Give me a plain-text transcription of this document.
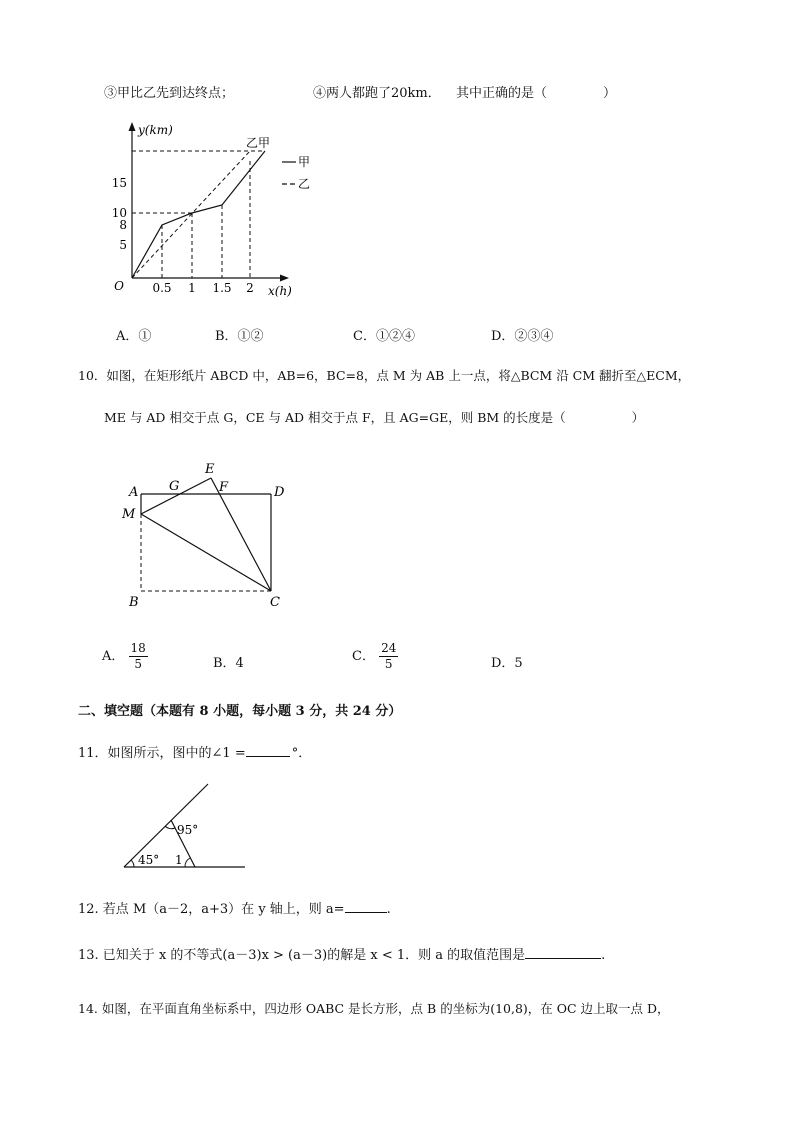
③甲比乙先到达终点；	④两人都跑了20km． 其中正确的是（	）
y(km)
15
10
8
5
O 0.5 1 1.5 2 x(h)
乙甲
甲
乙
A．①	B．①②	C．①②④	D．②③④
10．如图，在矩形纸片 ABCD 中，AB=6，BC=8，点 M 为 AB 上一点，将△BCM 沿 CM 翻折至△ECM，
ME 与 AD 相交于点 G，CE 与 AD 相交于点 F，且 AG=GE，则 BM 的长度是（	）
A
M
B	C
D
E
G	F
A． $\frac{18}{5}$	B．4	C． $\frac{24}{5}$	D．5
二、填空题（本题有 8 小题，每小题 3 分，共 24 分）
11．如图所示，图中的∠1 =	°．
95°
45° 1
12. 若点 M（a－2，a+3）在 y 轴上，则 a=	.
13. 已知关于 x 的不等式(a－3)x > (a－3)的解是 x < 1．则 a 的取值范围是	.
14. 如图，在平面直角坐标系中，四边形 OABC 是长方形，点 B 的坐标为(10,8)，在 OC 边上取一点 D，
